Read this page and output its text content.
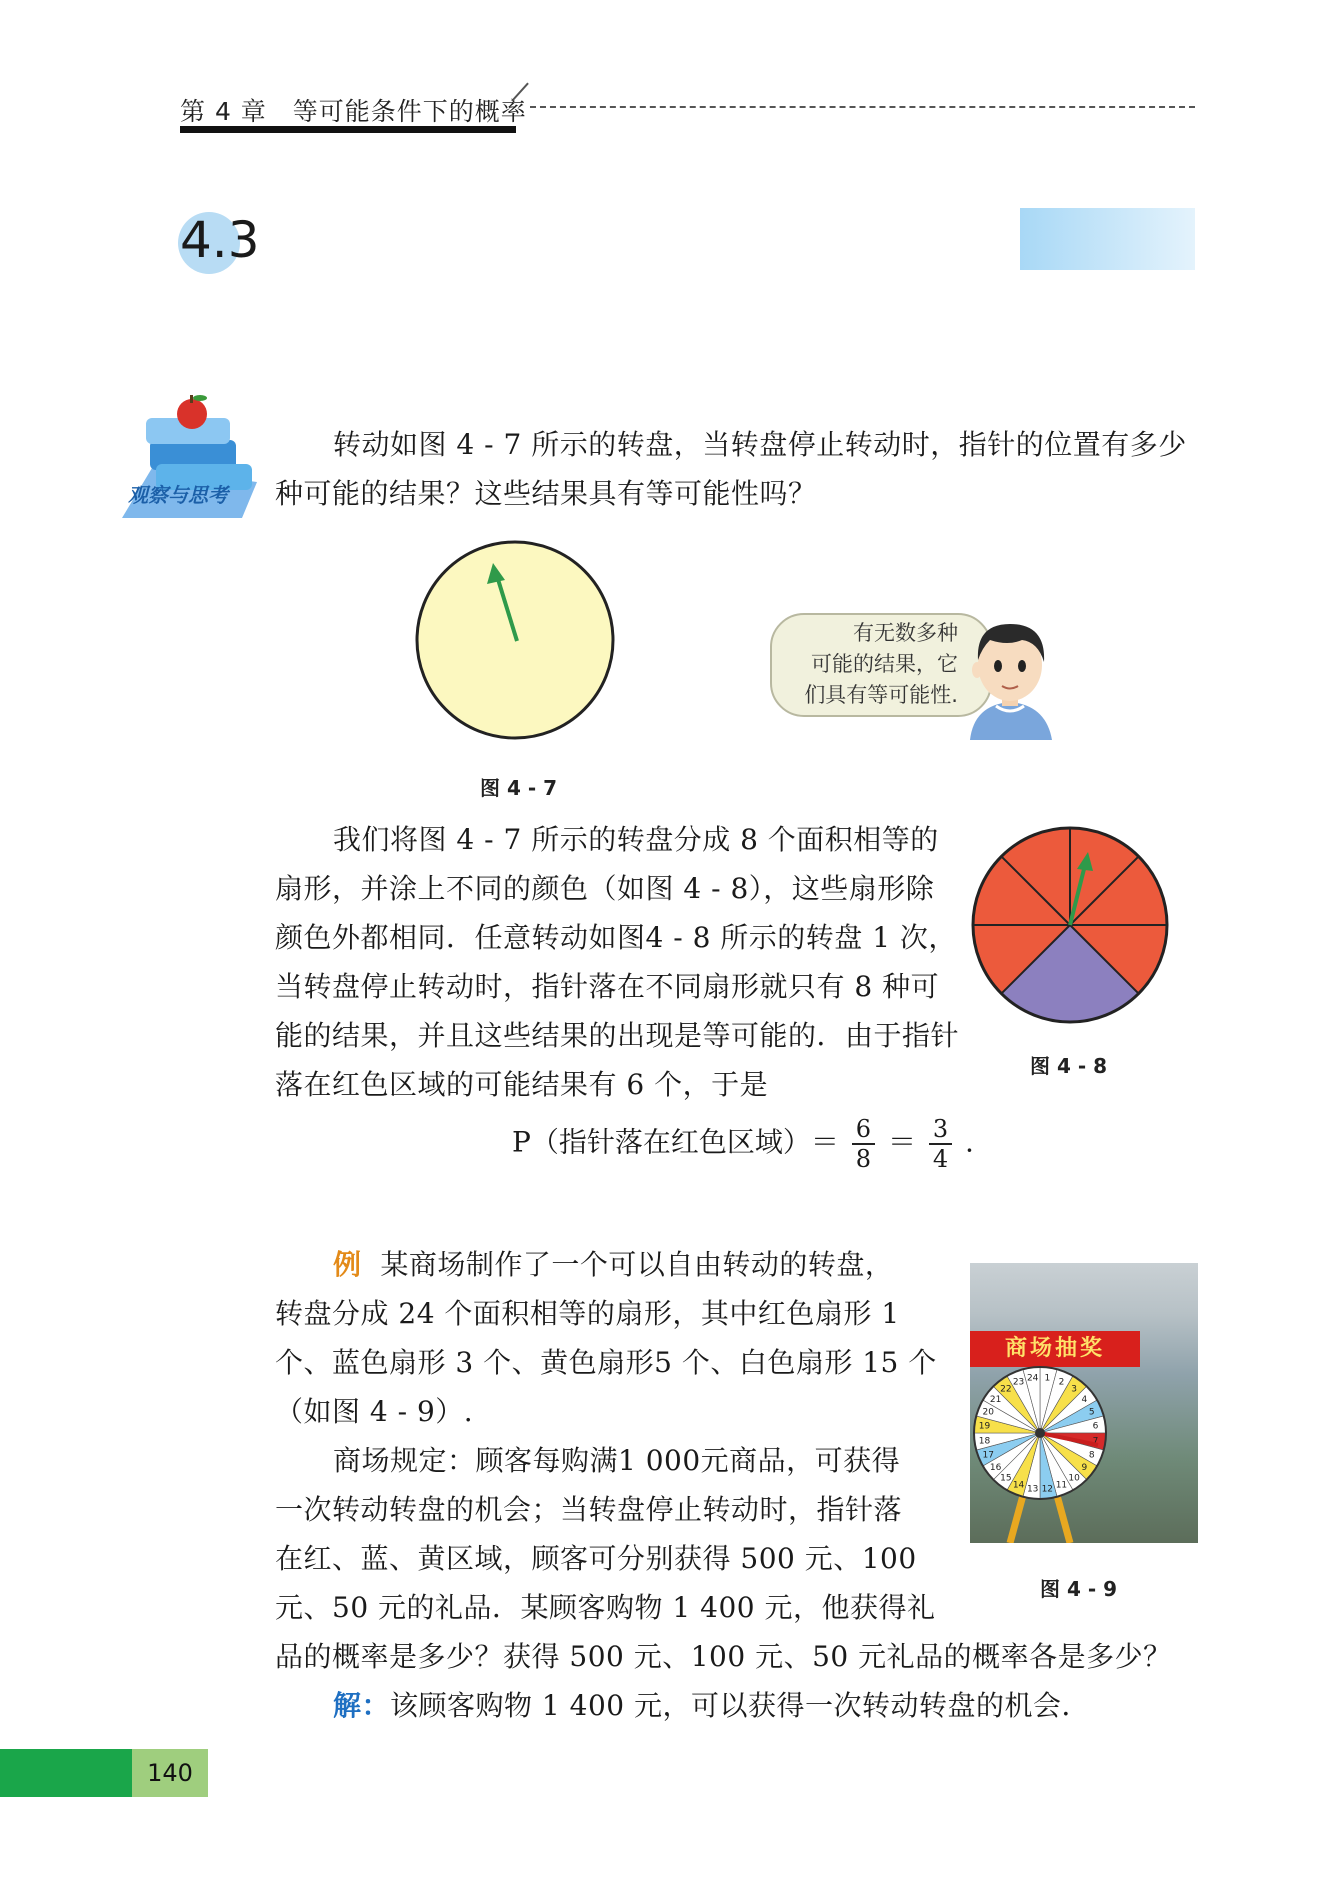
第 4 章　等可能条件下的概率
4.3
观察与思考

转动如图 4 - 7 所示的转盘，当转盘停止转动时，指针的位置有多少种可能的结果？这些结果具有等可能性吗？

图 4 - 7
有无数多种
可能的结果，它
们具有等可能性.

我们将图 4 - 7 所示的转盘分成 8 个面积相等的

扇形，并涂上不同的颜色（如图 4 - 8），这些扇形除

颜色外都相同．任意转动如图4 - 8 所示的转盘 1 次，

当转盘停止转动时，指针落在不同扇形就只有 8 种可

能的结果，并且这些结果的出现是等可能的．由于指针

落在红色区域的可能结果有 6 个，于是

图 4 - 8
P（指针落在红色区域）＝ $\frac{6}{8} = \frac{3}{4}$ .

例 某商场制作了一个可以自由转动的转盘，

转盘分成 24 个面积相等的扇形，其中红色扇形 1

个、蓝色扇形 3 个、黄色扇形5 个、白色扇形 15 个

（如图 4 - 9）.

商场规定：顾客每购满1 000元商品，可获得

一次转动转盘的机会；当转盘停止转动时，指针落

在红、蓝、黄区域，顾客可分别获得 500 元、100

元、50 元的礼品．某顾客购物 1 400 元，他获得礼

品的概率是多少？获得 500 元、100 元、50 元礼品的概率各是多少？

解：该顾客购物 1 400 元，可以获得一次转动转盘的机会．

商场抽奖
1 2
3
4
5
6
7
8
9
10
11
12
13
14
15
16
17
18
19
20
21
22
23 24
图 4 - 9
140
